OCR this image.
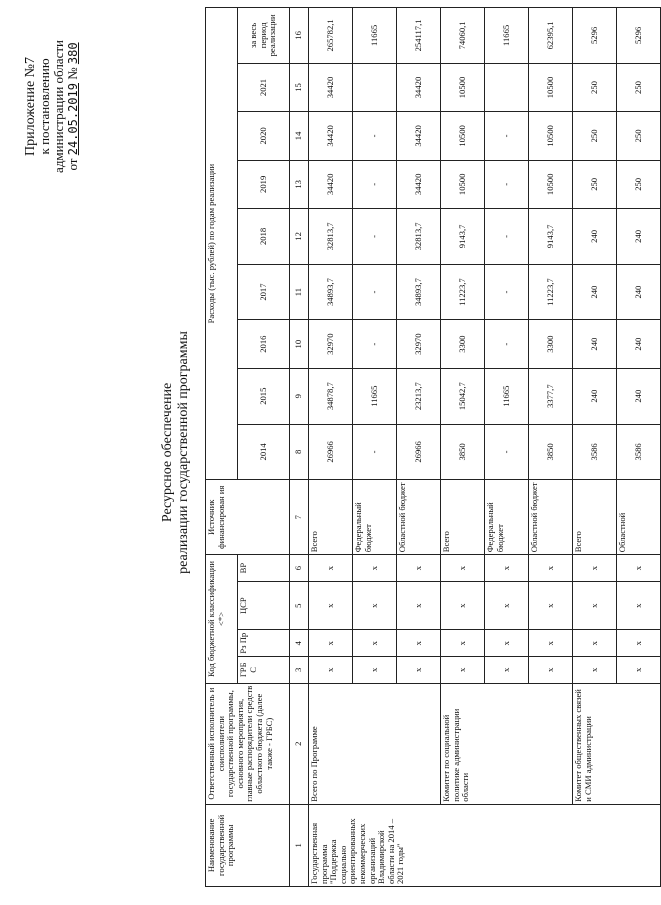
Приложение №7 к постановлению администрации области от 24.05.2019 № 380
Ресурсное обеспечение реализации государственной программы
Наименование государственной программы	Ответственный исполнитель и соисполнители государственной программы, основного мероприятия, главные распорядители средств областного бюджета (далее также - ГРБС)	Код бюджетной классификации <*>				Источник финансирован ия	Расходы (тыс. рублей) по годам реализации								
		ГРБ С	Рз Пр	ЦСР	ВР		2014	2015	2016	2017	2018	2019	2020	2021	за весь период реализации

1	2	3	4	5	6	7	8	9	10	11	12	13	14	15	16
Государственная программа "Поддержка социально ориентированных некоммерческих организаций Владимирской области на 2014 – 2021 годы"	Всего по Программе	x	x	x	x	Всего	26966	34878,7	32970	34893,7	32813,7	34420	34420	34420	265782,1
		x	x	x	x	Федеральный бюджет	-	11665	-	-	-	-	-		11665
		x	x	x	x	Областной бюджет	26966	23213,7	32970	34893,7	32813,7	34420	34420	34420	254117,1
	Комитет по социальной политике администрации области	x	x	x	x	Всего	3850	15042,7	3300	11223,7	9143,7	10500	10500	10500	74060,1
		x	x	x	x	Федеральный бюджет	-	11665	-	-	-	-	-		11665
		x	x	x	x	Областной бюджет	3850	3377,7	3300	11223,7	9143,7	10500	10500	10500	62395,1
	Комитет общественных связей и СМИ администрации	x	x	x	x	Всего	3586	240	240	240	240	250	250	250	5296
		x	x	x	x	Областной	3586	240	240	240	240	250	250	250	5296
